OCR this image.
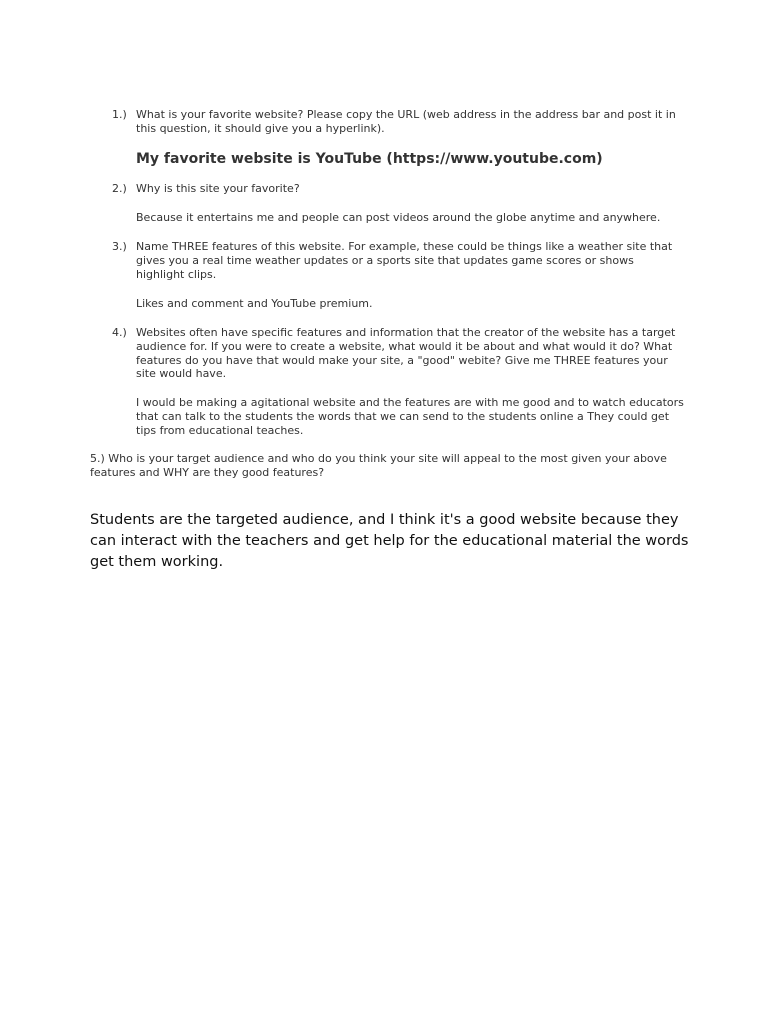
1.) What is your favorite website? Please copy the URL (web address in the address bar and post it in this question, it should give you a hyperlink).
My favorite website is YouTube (https://www.youtube.com)
2.) Why is this site your favorite?
Because it entertains me and people can post videos around the globe anytime and anywhere.
3.) Name THREE features of this website. For example, these could be things like a weather site that gives you a real time weather updates or a sports site that updates game scores or shows highlight clips.
Likes and comment and YouTube premium.
4.) Websites often have specific features and information that the creator of the website has a target audience for. If you were to create a website, what would it be about and what would it do? What features do you have that would make your site, a "good" webite? Give me THREE features your site would have.
I would be making a agitational website and the features are with me good and to watch educators that can talk to the students the words that we can send to the students online a They could get tips from educational teaches.
5.) Who is your target audience and who do you think your site will appeal to the most given your above features and WHY are they good features?
Students are the targeted audience, and I think it's a good website because they can interact with the teachers and get help for the educational material the words get them working.
